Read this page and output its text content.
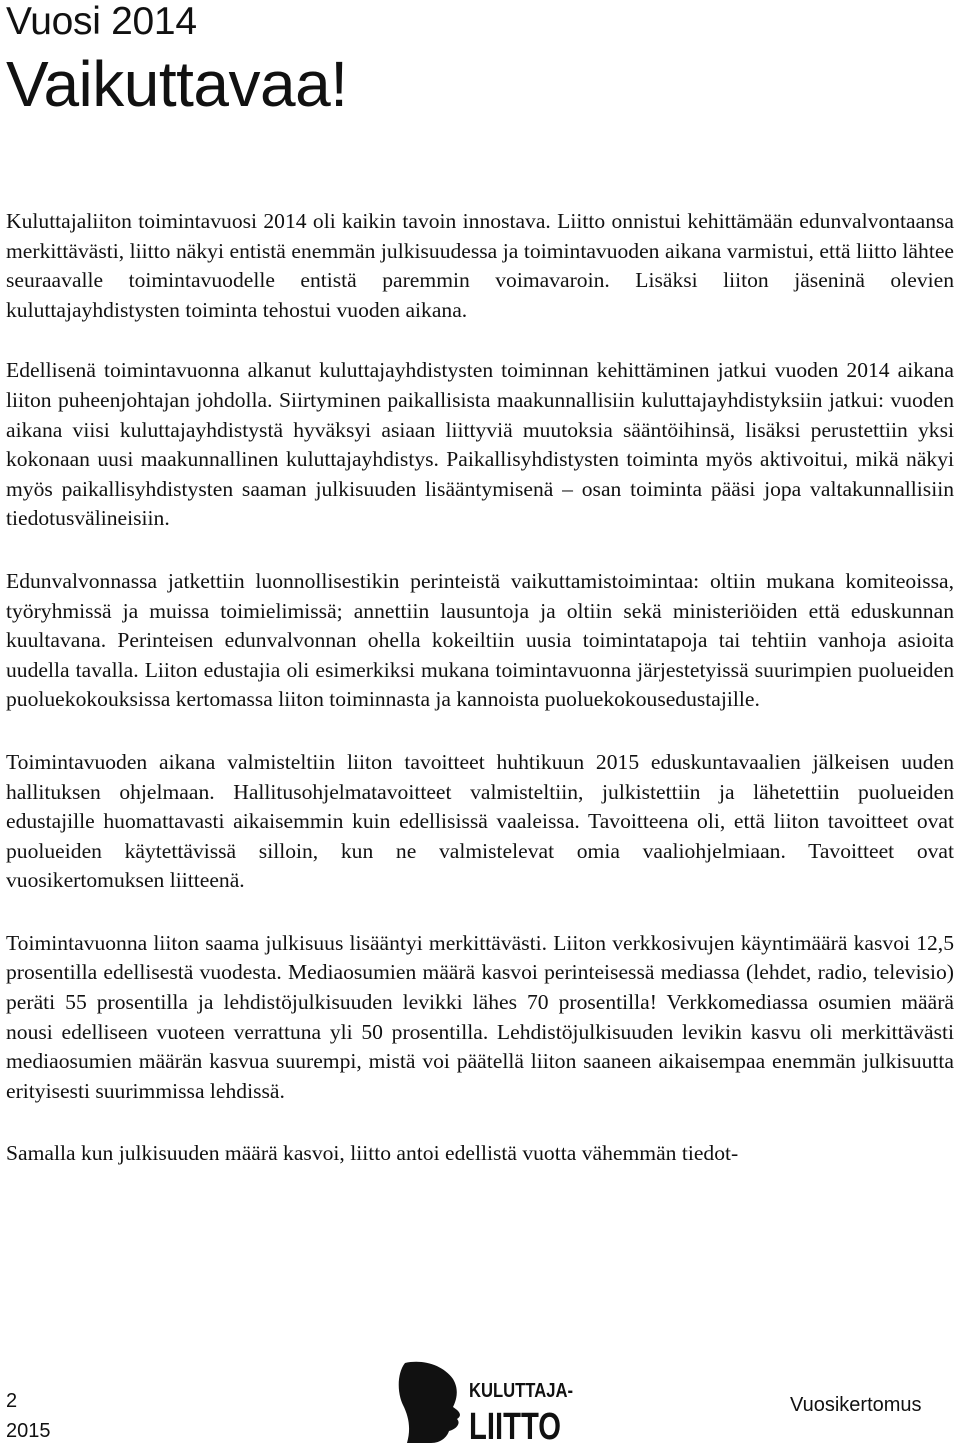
Vuosi 2014
Vaikuttavaa!

Kuluttajaliiton toimintavuosi 2014 oli kaikin tavoin innostava. Liitto onnistui kehittämään edunvalvontaansa merkittävästi, liitto näkyi entistä enemmän julkisuudessa ja toimintavuoden aikana varmistui, että liitto lähtee seuraavalle toimintavuodelle entistä paremmin voimavaroin. Lisäksi liiton jäseninä olevien kuluttajayhdistysten toiminta tehostui vuoden aikana.

Edellisenä toimintavuonna alkanut kuluttajayhdistysten toiminnan kehittäminen jatkui vuoden 2014 aikana liiton puheenjohtajan johdolla. Siirtyminen paikallisista maakunnallisiin kuluttajayhdistyksiin jatkui: vuoden aikana viisi kuluttajayhdistystä hyväksyi asiaan liittyviä muutoksia sääntöihinsä, lisäksi perustettiin yksi kokonaan uusi maakunnallinen kuluttajayhdistys. Paikallisyhdistysten toiminta myös aktivoitui, mikä näkyi myös paikallisyhdistysten saaman julkisuuden lisääntymisenä – osan toiminta pääsi jopa valtakunnallisiin tiedotusvälineisiin.

Edunvalvonnassa jatkettiin luonnollisestikin perinteistä vaikuttamistoimintaa: oltiin mukana komiteoissa, työryhmissä ja muissa toimielimissä; annettiin lausuntoja ja oltiin sekä ministeriöiden että eduskunnan kuultavana. Perinteisen edunvalvonnan ohella kokeiltiin uusia toimintatapoja tai tehtiin vanhoja asioita uudella tavalla. Liiton edustajia oli esimerkiksi mukana toimintavuonna järjestetyissä suurimpien puolueiden puoluekokouksissa kertomassa liiton toiminnasta ja kannoista puoluekokousedustajille.

Toimintavuoden aikana valmisteltiin liiton tavoitteet huhtikuun 2015 eduskuntavaalien jälkeisen uuden hallituksen ohjelmaan. Hallitusohjelmatavoitteet valmisteltiin, julkistettiin ja lähetettiin puolueiden edustajille huomattavasti aikaisemmin kuin edellisissä vaaleissa. Tavoitteena oli, että liiton tavoitteet ovat puolueiden käytettävissä silloin, kun ne valmistelevat omia vaaliohjelmiaan. Tavoitteet ovat vuosikertomuksen liitteenä.

Toimintavuonna liiton saama julkisuus lisääntyi merkittävästi. Liiton verkkosivujen käyntimäärä kasvoi 12,5 prosentilla edellisestä vuodesta. Mediaosumien määrä kasvoi perinteisessä mediassa (lehdet, radio, televisio) peräti 55 prosentilla ja lehdistöjulkisuuden levikki lähes 70 prosentilla! Verkkomediassa osumien määrä nousi edelliseen vuoteen verrattuna yli 50 prosentilla. Lehdistöjulkisuuden levikin kasvu oli merkittävästi mediaosumien määrän kasvua suurempi, mistä voi päätellä liiton saaneen aikaisempaa enemmän julkisuutta erityisesti suurimmissa lehdissä.

Samalla kun julkisuuden määrä kasvoi, liitto antoi edellistä vuotta vähemmän tiedot-

2
2015
KULUTTAJA-
LIITTO
Vuosikertomus
